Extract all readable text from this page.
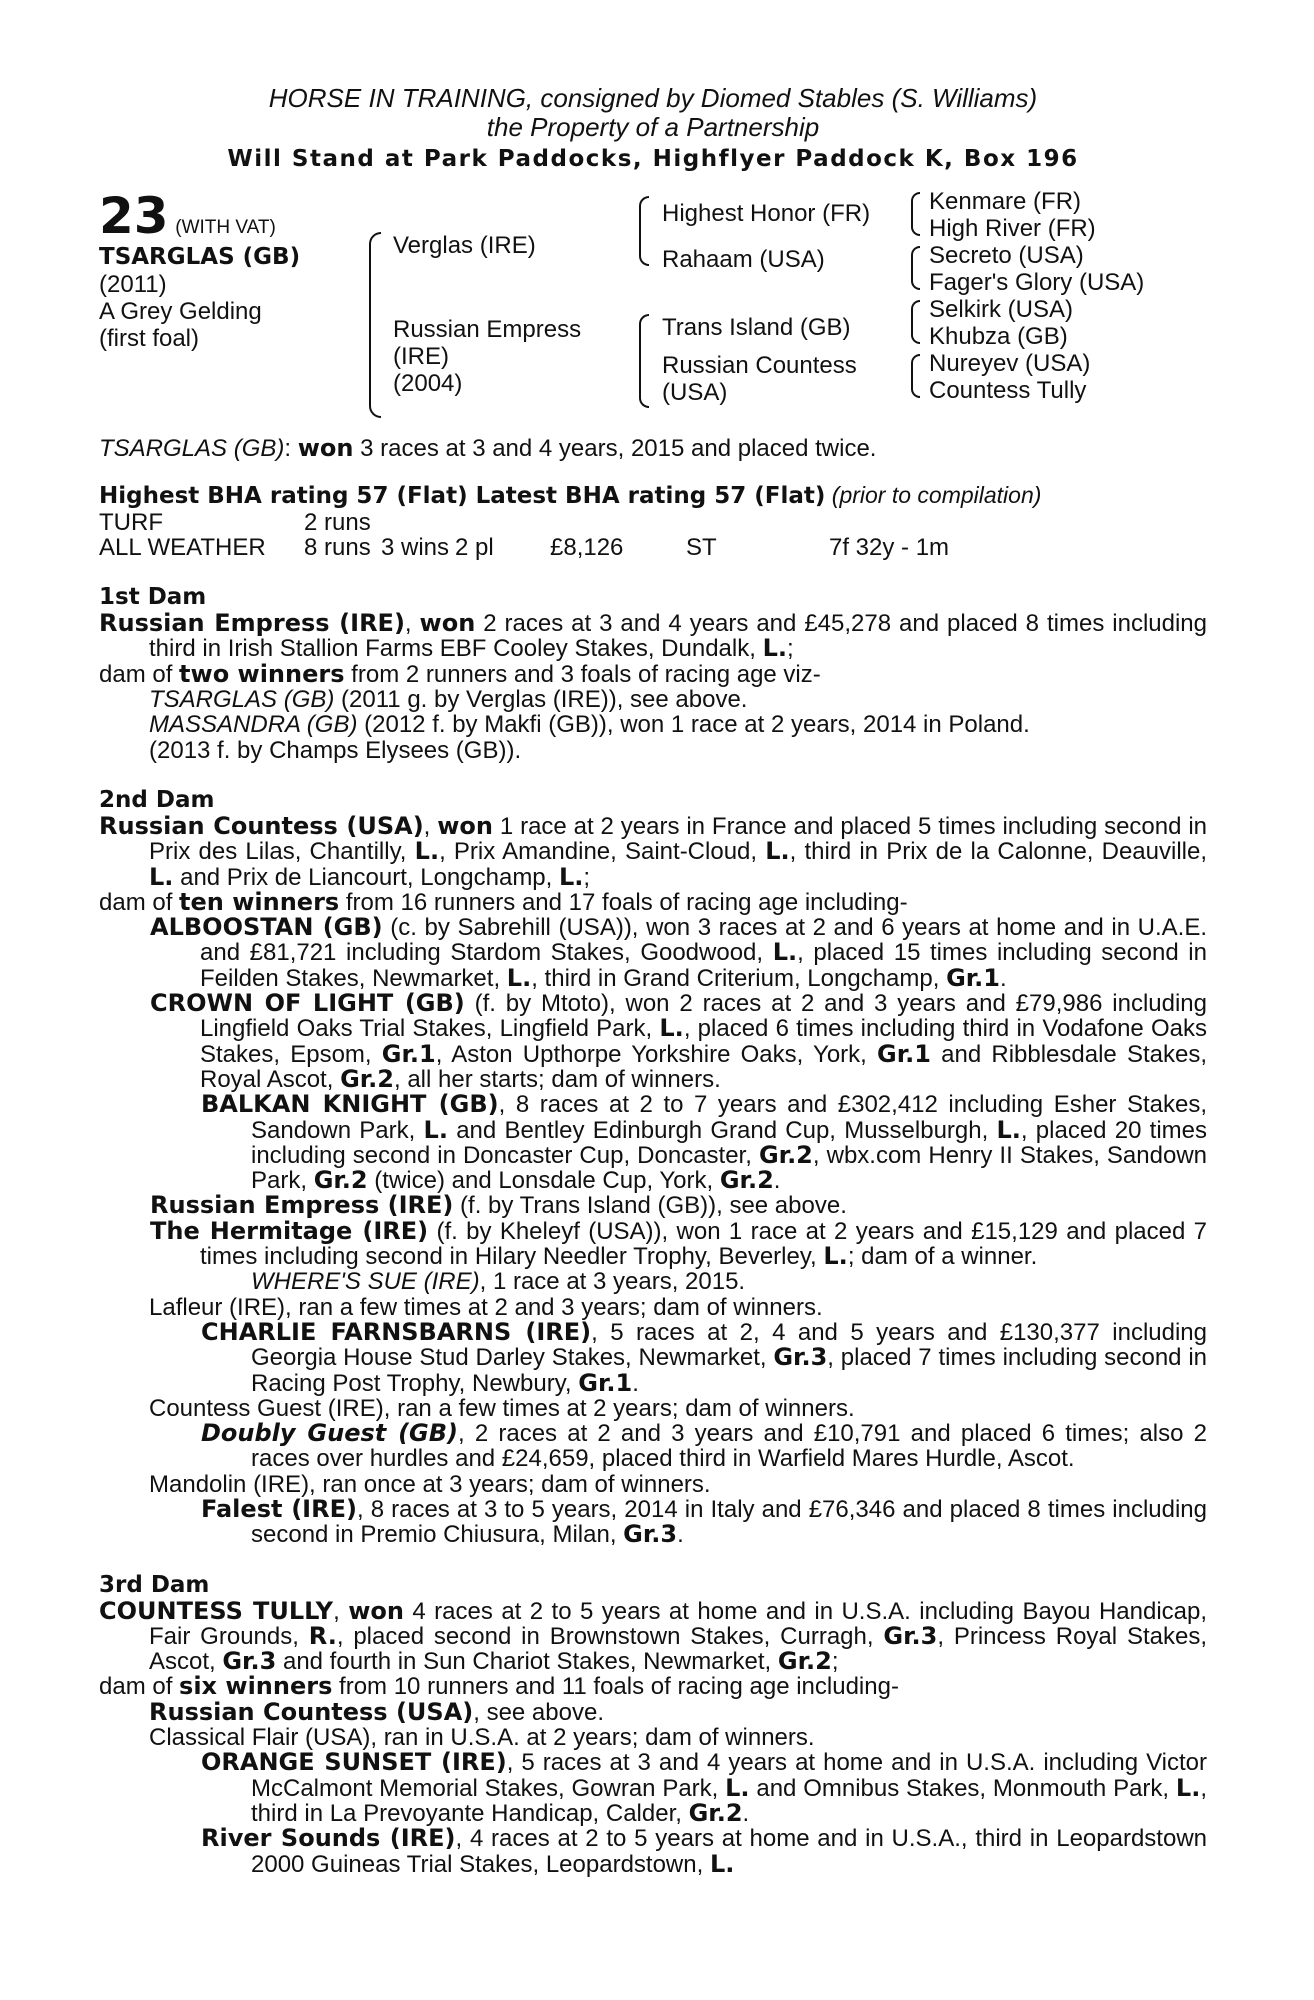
HORSE IN TRAINING, consigned by Diomed Stables (S. Williams)
the Property of a Partnership
Will Stand at Park Paddocks, Highflyer Paddock K, Box 196
23 (WITH VAT)
TSARGLAS (GB)
(2011)
A Grey Gelding
(first foal)
Verglas (IRE)
Russian Empress
(IRE)
(2004)
Highest Honor (FR)
Rahaam (USA)
Trans Island (GB)
Russian Countess
(USA)
Kenmare (FR)
High River (FR)
Secreto (USA)
Fager's Glory (USA)
Selkirk (USA)
Khubza (GB)
Nureyev (USA)
Countess Tully
TSARGLAS (GB): won 3 races at 3 and 4 years, 2015 and placed twice.
Highest BHA rating 57 (Flat) Latest BHA rating 57 (Flat) (prior to compilation)
TURF	2 runs
ALL WEATHER 8 runs 3 wins 2 pl £8,126	ST	7f 32y - 1m
1st Dam
Russian Empress (IRE), won 2 races at 3 and 4 years and £45,278 and placed 8 times including third in Irish Stallion Farms EBF Cooley Stakes, Dundalk, L.;
dam of two winners from 2 runners and 3 foals of racing age viz-
TSARGLAS (GB) (2011 g. by Verglas (IRE)), see above.
MASSANDRA (GB) (2012 f. by Makfi (GB)), won 1 race at 2 years, 2014 in Poland.
(2013 f. by Champs Elysees (GB)).
2nd Dam
Russian Countess (USA), won 1 race at 2 years in France and placed 5 times including second in Prix des Lilas, Chantilly, L., Prix Amandine, Saint-Cloud, L., third in Prix de la Calonne, Deauville, L. and Prix de Liancourt, Longchamp, L.;
dam of ten winners from 16 runners and 17 foals of racing age including-
ALBOOSTAN (GB) (c. by Sabrehill (USA)), won 3 races at 2 and 6 years at home and in U.A.E. and £81,721 including Stardom Stakes, Goodwood, L., placed 15 times including second in Feilden Stakes, Newmarket, L., third in Grand Criterium, Longchamp, Gr.1.
CROWN OF LIGHT (GB) (f. by Mtoto), won 2 races at 2 and 3 years and £79,986 including Lingfield Oaks Trial Stakes, Lingfield Park, L., placed 6 times including third in Vodafone Oaks Stakes, Epsom, Gr.1, Aston Upthorpe Yorkshire Oaks, York, Gr.1 and Ribblesdale Stakes, Royal Ascot, Gr.2, all her starts; dam of winners.
BALKAN KNIGHT (GB), 8 races at 2 to 7 years and £302,412 including Esher Stakes, Sandown Park, L. and Bentley Edinburgh Grand Cup, Musselburgh, L., placed 20 times including second in Doncaster Cup, Doncaster, Gr.2, wbx.com Henry II Stakes, Sandown Park, Gr.2 (twice) and Lonsdale Cup, York, Gr.2.
Russian Empress (IRE) (f. by Trans Island (GB)), see above.
The Hermitage (IRE) (f. by Kheleyf (USA)), won 1 race at 2 years and £15,129 and placed 7 times including second in Hilary Needler Trophy, Beverley, L.; dam of a winner.
WHERE'S SUE (IRE), 1 race at 3 years, 2015.
Lafleur (IRE), ran a few times at 2 and 3 years; dam of winners.
CHARLIE FARNSBARNS (IRE), 5 races at 2, 4 and 5 years and £130,377 including Georgia House Stud Darley Stakes, Newmarket, Gr.3, placed 7 times including second in Racing Post Trophy, Newbury, Gr.1.
Countess Guest (IRE), ran a few times at 2 years; dam of winners.
Doubly Guest (GB), 2 races at 2 and 3 years and £10,791 and placed 6 times; also 2 races over hurdles and £24,659, placed third in Warfield Mares Hurdle, Ascot.
Mandolin (IRE), ran once at 3 years; dam of winners.
Falest (IRE), 8 races at 3 to 5 years, 2014 in Italy and £76,346 and placed 8 times including second in Premio Chiusura, Milan, Gr.3.
3rd Dam
COUNTESS TULLY, won 4 races at 2 to 5 years at home and in U.S.A. including Bayou Handicap, Fair Grounds, R., placed second in Brownstown Stakes, Curragh, Gr.3, Princess Royal Stakes, Ascot, Gr.3 and fourth in Sun Chariot Stakes, Newmarket, Gr.2;
dam of six winners from 10 runners and 11 foals of racing age including-
Russian Countess (USA), see above.
Classical Flair (USA), ran in U.S.A. at 2 years; dam of winners.
ORANGE SUNSET (IRE), 5 races at 3 and 4 years at home and in U.S.A. including Victor McCalmont Memorial Stakes, Gowran Park, L. and Omnibus Stakes, Monmouth Park, L., third in La Prevoyante Handicap, Calder, Gr.2.
River Sounds (IRE), 4 races at 2 to 5 years at home and in U.S.A., third in Leopardstown 2000 Guineas Trial Stakes, Leopardstown, L.
